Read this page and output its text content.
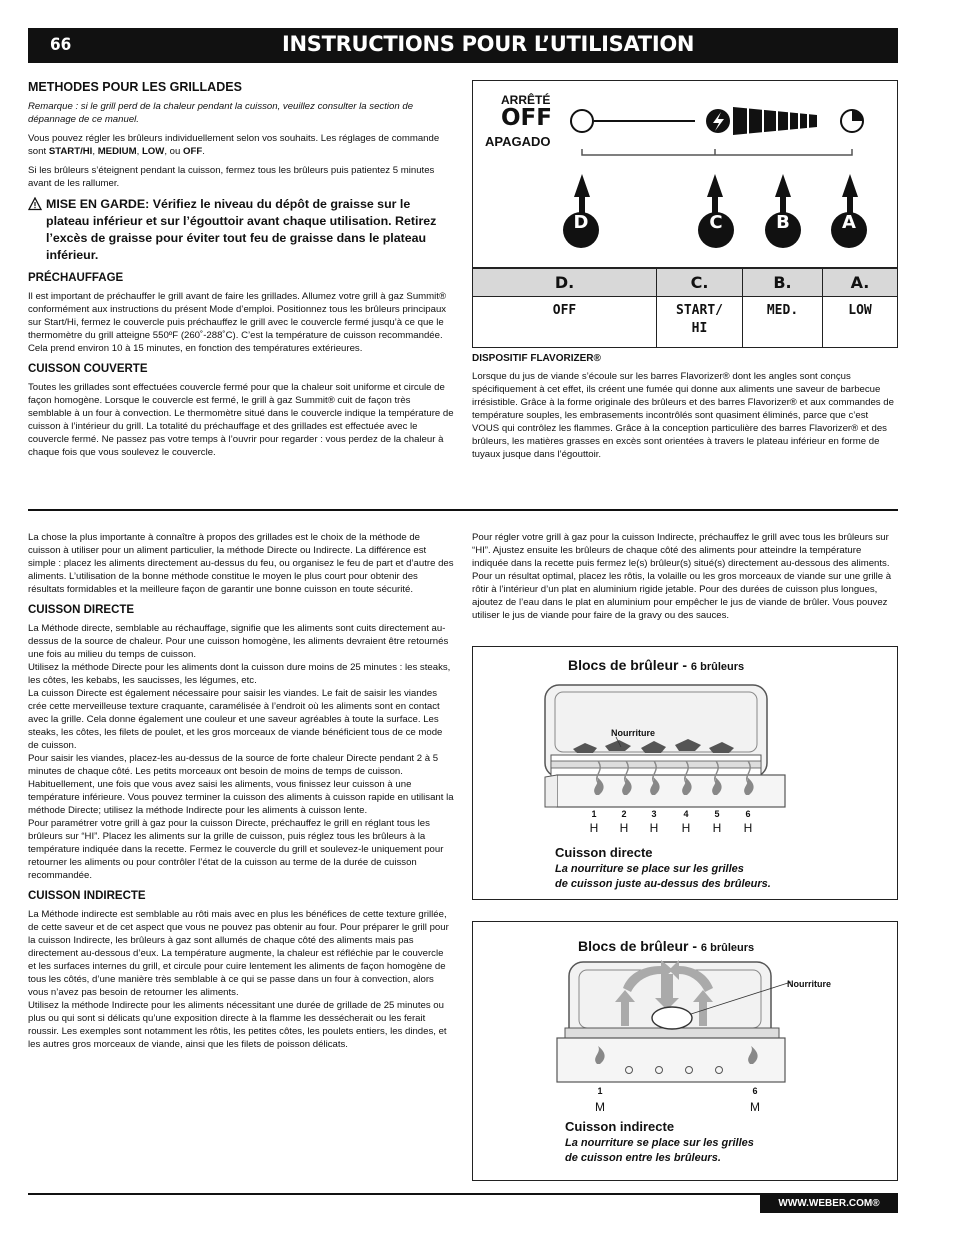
66	INSTRUCTIONS POUR L’UTILISATION
METHODES POUR LES GRILLADES

Remarque : si le grill perd de la chaleur pendant la cuisson, veuillez consulter la section de dépannage de ce manuel.

Vous pouvez régler les brûleurs individuellement selon vos souhaits. Les réglages de commande sont START/HI, MEDIUM, LOW, ou OFF.

Si les brûleurs s’éteignent pendant la cuisson, fermez tous les brûleurs puis patientez 5 minutes avant de les rallumer.

MISE EN GARDE: Vérifiez le niveau du dépôt de graisse sur le plateau inférieur et sur l’égouttoir avant chaque utilisation. Retirez l’excès de graisse pour éviter tout feu de graisse dans le plateau inférieur.
PRÉCHAUFFAGE

Il est important de préchauffer le grill avant de faire les grillades. Allumez votre grill à gaz Summit® conformément aux instructions du présent Mode d’emploi. Positionnez tous les brûleurs principaux sur Start/Hi, fermez le couvercle puis préchauffez le grill avec le couvercle fermé jusqu’à ce que le thermomètre du grill atteigne 550ºF (260˚-288˚C). C’est la température de cuisson recommandée. Cela prend environ 10 à 15 minutes, en fonction des températures extérieures.

CUISSON COUVERTE

Toutes les grillades sont effectuées couvercle fermé pour que la chaleur soit uniforme et circule de façon homogène. Lorsque le couvercle est fermé, le grill à gaz Summit® cuit de façon très semblable à un four à convection. Le thermomètre situé dans le couvercle indique la température de cuisson à l’intérieur du grill. La totalité du préchauffage et des grillades est effectuée avec le couvercle fermé. Ne passez pas votre temps à l’ouvrir pour regarder : vous perdez de la chaleur à chaque fois que vous soulevez le couvercle.

ARRÊTÉ
OFF
APAGADO
D	C	B	A
D.	C.	B.	A.
OFF	START/ HI	MED.	LOW
DISPOSITIF FLAVORIZER®

Lorsque du jus de viande s’écoule sur les barres Flavorizer® dont les angles sont conçus spécifiquement à cet effet, ils créent une fumée qui donne aux aliments une saveur de barbecue irrésistible. Grâce à la forme originale des brûleurs et des barres Flavorizer® et aux commandes de température souples, les embrasements incontrôlés sont quasiment éliminés, parce que c’est VOUS qui contrôlez les flammes. Grâce à la conception particulière des barres Flavorizer® et des brûleurs, les matières grasses en excès sont orientées à travers le plateau inférieur en forme de tuyaux jusque dans l’égouttoir.

La chose la plus importante à connaître à propos des grillades est le choix de la méthode de cuisson à utiliser pour un aliment particulier, la méthode Directe ou Indirecte. La différence est simple : placez les aliments directement au-dessus du feu, ou organisez le feu de part et d’autre des aliments. L’utilisation de la bonne méthode constitue le moyen le plus court pour obtenir des résultats formidables et la meilleure façon de garantir une bonne cuisson en toute sécurité.

CUISSON DIRECTE

La Méthode directe, semblable au réchauffage, signifie que les aliments sont cuits directement au-dessus de la source de chaleur. Pour une cuisson homogène, les aliments devraient être retournés une fois au milieu du temps de cuisson.
Utilisez la méthode Directe pour les aliments dont la cuisson dure moins de 25 minutes : les steaks, les côtes, les kebabs, les saucisses, les légumes, etc.
La cuisson Directe est également nécessaire pour saisir les viandes. Le fait de saisir les viandes crée cette merveilleuse texture craquante, caramélisée à l’endroit où les aliments sont en contact avec la grille. Cela donne également une couleur et une saveur agréables à toute la surface. Les steaks, les côtes, les filets de poulet, et les gros morceaux de viande bénéficient tous de ce mode de cuisson.
Pour saisir les viandes, placez-les au-dessus de la source de forte chaleur Directe pendant 2 à 5 minutes de chaque côté. Les petits morceaux ont besoin de moins de temps de cuisson. Habituellement, une fois que vous avez saisi les aliments, vous finissez leur cuisson à une température inférieure. Vous pouvez terminer la cuisson des aliments à cuisson rapide en utilisant la méthode Directe; utilisez la méthode Indirecte pour les aliments à cuisson lente.
Pour paramétrer votre grill à gaz pour la cuisson Directe, préchauffez le grill en réglant tous les brûleurs sur “HI”. Placez les aliments sur la grille de cuisson, puis réglez tous les brûleurs à la température indiquée dans la recette. Fermez le couvercle du grill et soulevez-le uniquement pour retourner les aliments ou pour contrôler l’état de la cuisson au terme de la durée de cuisson recommandée.

CUISSON INDIRECTE

La Méthode indirecte est semblable au rôti mais avec en plus les bénéfices de cette texture grillée, de cette saveur et de cet aspect que vous ne pouvez pas obtenir au four. Pour préparer le grill pour la cuisson Indirecte, les brûleurs à gaz sont allumés de chaque côté des aliments mais pas directement au-dessous d’eux. La température augmente, la chaleur est réfléchie par le couvercle et les surfaces internes du grill, et circule pour cuire lentement les aliments de façon homogène de tous les côtés, d’une manière très semblable à ce qui se passe dans un four à convection, alors vous n’avez pas besoin de retourner les aliments.
Utilisez la méthode Indirecte pour les aliments nécessitant une durée de grillade de 25 minutes ou plus ou qui sont si délicats qu’une exposition directe à la flamme les dessécherait ou les ferait roussir. Les exemples sont notamment les rôtis, les petites côtes, les poulets entiers, les dindes, et les autres gros morceaux de viande, ainsi que les filets de poisson délicats.

Pour régler votre grill à gaz pour la cuisson Indirecte, préchauffez le grill avec tous les brûleurs sur “HI”. Ajustez ensuite les brûleurs de chaque côté des aliments pour atteindre la température indiquée dans la recette puis fermez le(s) brûleur(s) situé(s) directement au-dessous des aliments. Pour un résultat optimal, placez les rôtis, la volaille ou les gros morceaux de viande sur une grille à rôtir à l’intérieur d’un plat en aluminium rigide jetable. Pour des durées de cuisson plus longues, ajoutez de l’eau dans le plat en aluminium pour empêcher le jus de viande de brûler. Vous pouvez utiliser le jus de viande pour faire de la gravy ou des sauces.

Blocs de brûleur - 6 brûleurs
Nourriture
1	2	3	4	5	6
H H H H H H
Cuisson directe
La nourriture se place sur les grilles
de cuisson juste au-dessus des brûleurs.
Blocs de brûleur - 6 brûleurs
Nourriture
1	6
M	M
Cuisson indirecte
La nourriture se place sur les grilles
de cuisson entre les brûleurs.
WWW.WEBER.COM®
